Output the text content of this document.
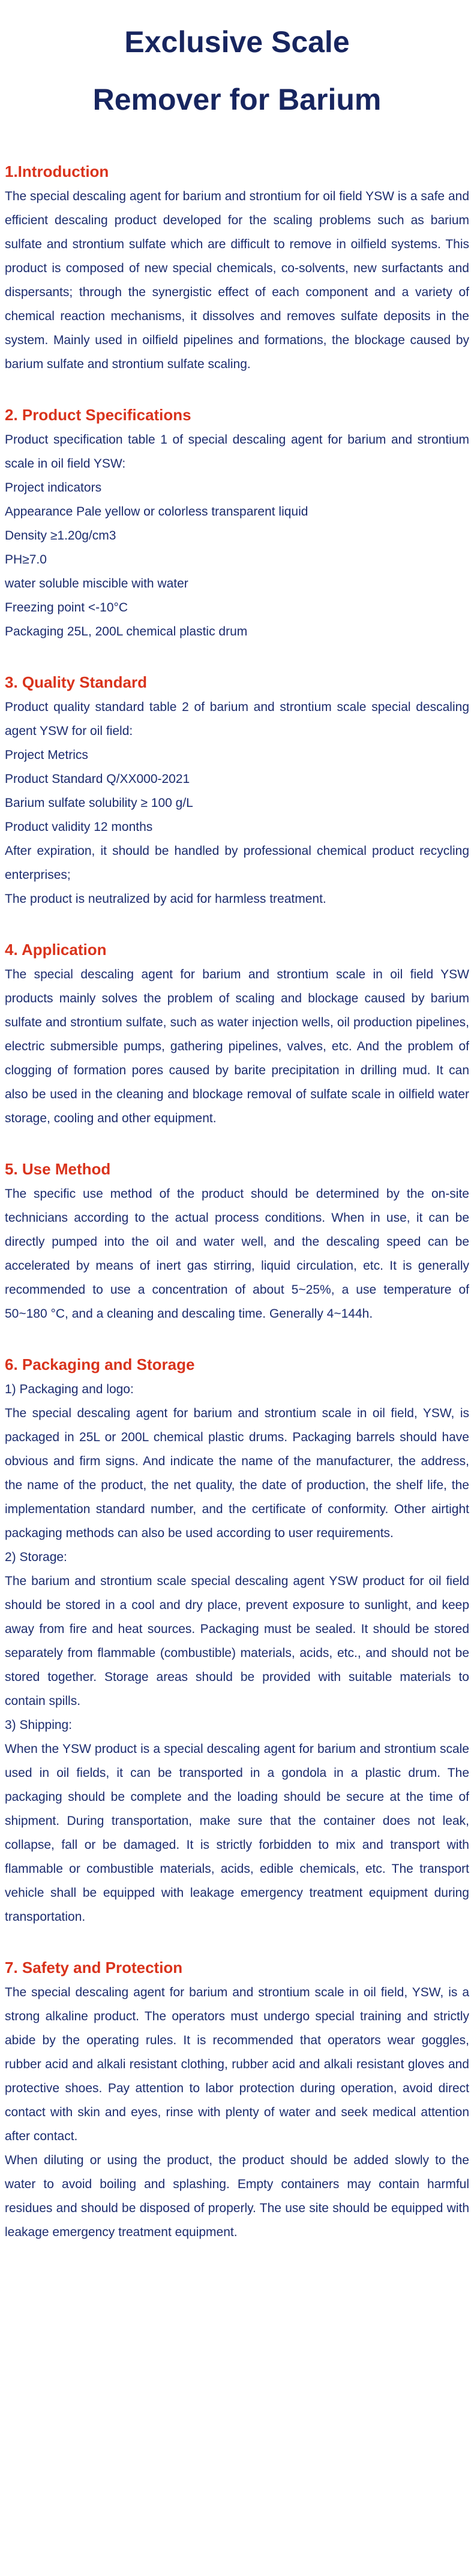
Exclusive Scale
Remover for Barium
1.Introduction

The special descaling agent for barium and strontium for oil field YSW is a safe and efficient descaling product developed for the scaling problems such as barium sulfate and strontium sulfate which are difficult to remove in oilfield systems. This product is composed of new special chemicals, co-solvents, new surfactants and dispersants; through the synergistic effect of each component and a variety of chemical reaction mechanisms, it dissolves and removes sulfate deposits in the system. Mainly used in oilfield pipelines and formations, the blockage caused by barium sulfate and strontium sulfate scaling.

2. Product Specifications

Product specification table 1 of special descaling agent for barium and strontium scale in oil field YSW:

Project indicators

Appearance Pale yellow or colorless transparent liquid

Density ≥1.20g/cm3

PH≥7.0

water soluble miscible with water

Freezing point <-10°C

Packaging 25L, 200L chemical plastic drum

3. Quality Standard

Product quality standard table 2 of barium and strontium scale special descaling agent YSW for oil field:

Project Metrics

Product Standard Q/XX000-2021

Barium sulfate solubility ≥ 100 g/L

Product validity 12 months

After expiration, it should be handled by professional chemical product recycling enterprises;

The product is neutralized by acid for harmless treatment.

4. Application

The special descaling agent for barium and strontium scale in oil field YSW products mainly solves the problem of scaling and blockage caused by barium sulfate and strontium sulfate, such as water injection wells, oil production pipelines, electric submersible pumps, gathering pipelines, valves, etc. And the problem of clogging of formation pores caused by barite precipitation in drilling mud. It can also be used in the cleaning and blockage removal of sulfate scale in oilfield water storage, cooling and other equipment.

5. Use Method

The specific use method of the product should be determined by the on-site technicians according to the actual process conditions. When in use, it can be directly pumped into the oil and water well, and the descaling speed can be accelerated by means of inert gas stirring, liquid circulation, etc. It is generally recommended to use a concentration of about 5~25%, a use temperature of 50~180 °C, and a cleaning and descaling time. Generally 4~144h.

6. Packaging and Storage

1) Packaging and logo:

The special descaling agent for barium and strontium scale in oil field, YSW, is packaged in 25L or 200L chemical plastic drums. Packaging barrels should have obvious and firm signs. And indicate the name of the manufacturer, the address, the name of the product, the net quality, the date of production, the shelf life, the implementation standard number, and the certificate of conformity. Other airtight packaging methods can also be used according to user requirements.

2) Storage:

The barium and strontium scale special descaling agent YSW product for oil field should be stored in a cool and dry place, prevent exposure to sunlight, and keep away from fire and heat sources. Packaging must be sealed. It should be stored separately from flammable (combustible) materials, acids, etc., and should not be stored together. Storage areas should be provided with suitable materials to contain spills.

3) Shipping:

When the YSW product is a special descaling agent for barium and strontium scale used in oil fields, it can be transported in a gondola in a plastic drum. The packaging should be complete and the loading should be secure at the time of shipment. During transportation, make sure that the container does not leak, collapse, fall or be damaged. It is strictly forbidden to mix and transport with flammable or combustible materials, acids, edible chemicals, etc. The transport vehicle shall be equipped with leakage emergency treatment equipment during transportation.

7. Safety and Protection

The special descaling agent for barium and strontium scale in oil field, YSW, is a strong alkaline product. The operators must undergo special training and strictly abide by the operating rules. It is recommended that operators wear goggles, rubber acid and alkali resistant clothing, rubber acid and alkali resistant gloves and protective shoes. Pay attention to labor protection during operation, avoid direct contact with skin and eyes, rinse with plenty of water and seek medical attention after contact.

When diluting or using the product, the product should be added slowly to the water to avoid boiling and splashing. Empty containers may contain harmful residues and should be disposed of properly. The use site should be equipped with leakage emergency treatment equipment.
